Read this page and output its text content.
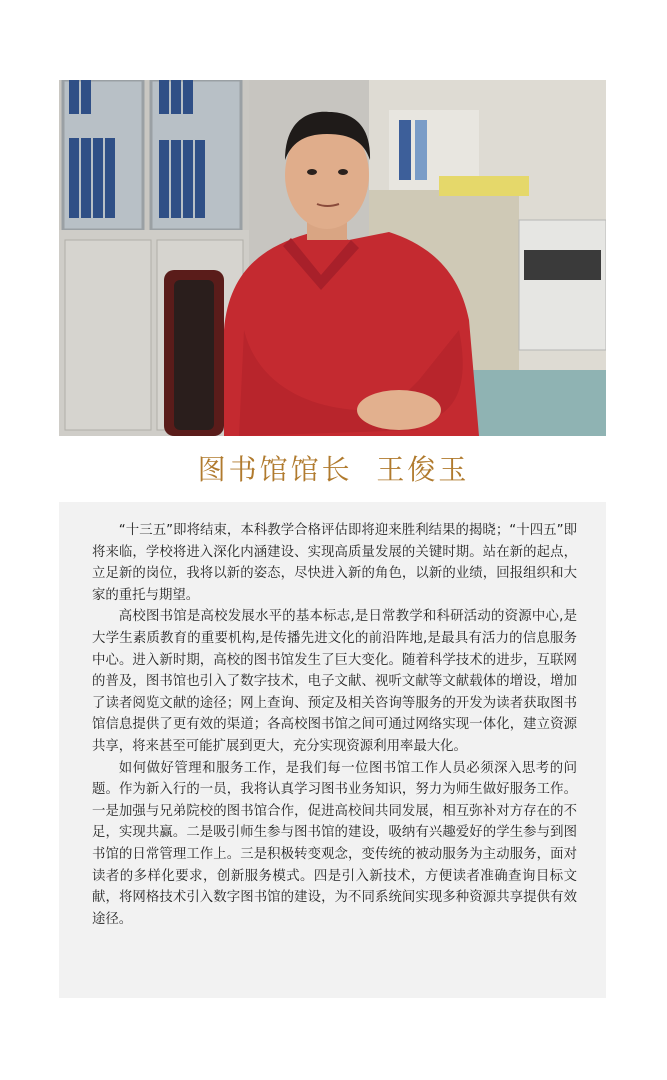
图书馆馆长  王俊玉

“十三五”即将结束，本科教学合格评估即将迎来胜利结果的揭晓；“十四五”即将来临，学校将进入深化内涵建设、实现高质量发展的关键时期。站在新的起点，立足新的岗位，我将以新的姿态，尽快进入新的角色，以新的业绩，回报组织和大家的重托与期望。

高校图书馆是高校发展水平的基本标志,是日常教学和科研活动的资源中心,是大学生素质教育的重要机构,是传播先进文化的前沿阵地,是最具有活力的信息服务中心。进入新时期，高校的图书馆发生了巨大变化。随着科学技术的进步，互联网的普及，图书馆也引入了数字技术，电子文献、视听文献等文献载体的增设，增加了读者阅览文献的途径；网上查询、预定及相关咨询等服务的开发为读者获取图书馆信息提供了更有效的渠道；各高校图书馆之间可通过网络实现一体化，建立资源共享，将来甚至可能扩展到更大，充分实现资源利用率最大化。

如何做好管理和服务工作，是我们每一位图书馆工作人员必须深入思考的问题。作为新入行的一员，我将认真学习图书业务知识，努力为师生做好服务工作。一是加强与兄弟院校的图书馆合作，促进高校间共同发展，相互弥补对方存在的不足，实现共赢。二是吸引师生参与图书馆的建设，吸纳有兴趣爱好的学生参与到图书馆的日常管理工作上。三是积极转变观念，变传统的被动服务为主动服务，面对读者的多样化要求，创新服务模式。四是引入新技术，方便读者准确查询目标文献，将网格技术引入数字图书馆的建设，为不同系统间实现多种资源共享提供有效途径。
